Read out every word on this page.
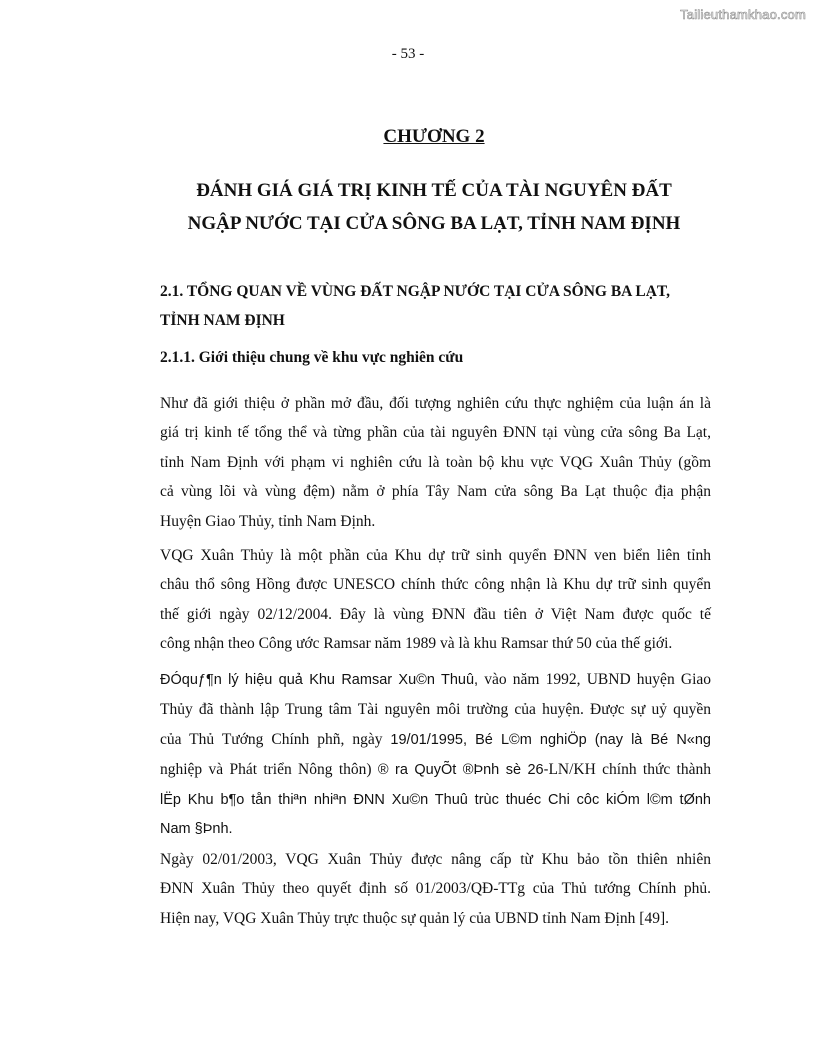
Tailieuthamkhao.com
- 53 -
CHƯƠNG 2
ĐÁNH GIÁ GIÁ TRỊ KINH TẾ CỦA TÀI NGUYÊN ĐẤT
NGẬP NƯỚC TẠI CỬA SÔNG BA LẠT, TỈNH NAM ĐỊNH
2.1. TỔNG QUAN VỀ VÙNG ĐẤT NGẬP NƯỚC TẠI CỬA SÔNG BA LẠT,
TỈNH NAM ĐỊNH
2.1.1. Giới thiệu chung về khu vực nghiên cứu
Như đã giới thiệu ở phần mở đầu, đối tượng nghiên cứu thực nghiệm của luận án là
giá trị kinh tế tổng thể và từng phần của tài nguyên ĐNN tại vùng cửa sông Ba Lạt,
tỉnh Nam Định với phạm vi nghiên cứu là toàn bộ khu vực VQG Xuân Thủy (gồm
cả vùng lõi và vùng đệm) nằm ở phía Tây Nam cửa sông Ba Lạt thuộc địa phận
Huyện Giao Thủy, tỉnh Nam Định.
VQG Xuân Thủy là một phần của Khu dự trữ sinh quyển ĐNN ven biển liên tỉnh
châu thổ sông Hồng được UNESCO chính thức công nhận là Khu dự trữ sinh quyển
thế giới ngày 02/12/2004. Đây là vùng ĐNN đầu tiên ở Việt Nam được quốc tế
công nhận theo Công ước Ramsar năm 1989 và là khu Ramsar thứ 50 của thế giới.
ĐÓquƒ¶n lý hiệu quả Khu Ramsar Xu©n Thuû, vào năm 1992, UBND huyện Giao
Thủy đã thành lập Trung tâm Tài nguyên môi trường của huyện. Được sự uỷ quyền
của Thủ Tướng Chính phñ, ngày 19/01/1995, Bé L©m nghiÖp (nay là Bé N«ng
nghiệp và Phát triển Nông thôn) ® ra QuyÕt ®Þnh sè 26-LN/KH chính thức thành
lËp Khu b¶o tån thiªn nhiªn ĐNN Xu©n Thuû trùc thuéc Chi côc kiÓm l©m tØnh
Nam §Þnh.
Ngày 02/01/2003, VQG Xuân Thủy được nâng cấp từ Khu bảo tồn thiên nhiên
ĐNN Xuân Thủy theo quyết định số 01/2003/QĐ-TTg của Thủ tướng Chính phủ.
Hiện nay, VQG Xuân Thủy trực thuộc sự quản lý của UBND tỉnh Nam Định [49].
